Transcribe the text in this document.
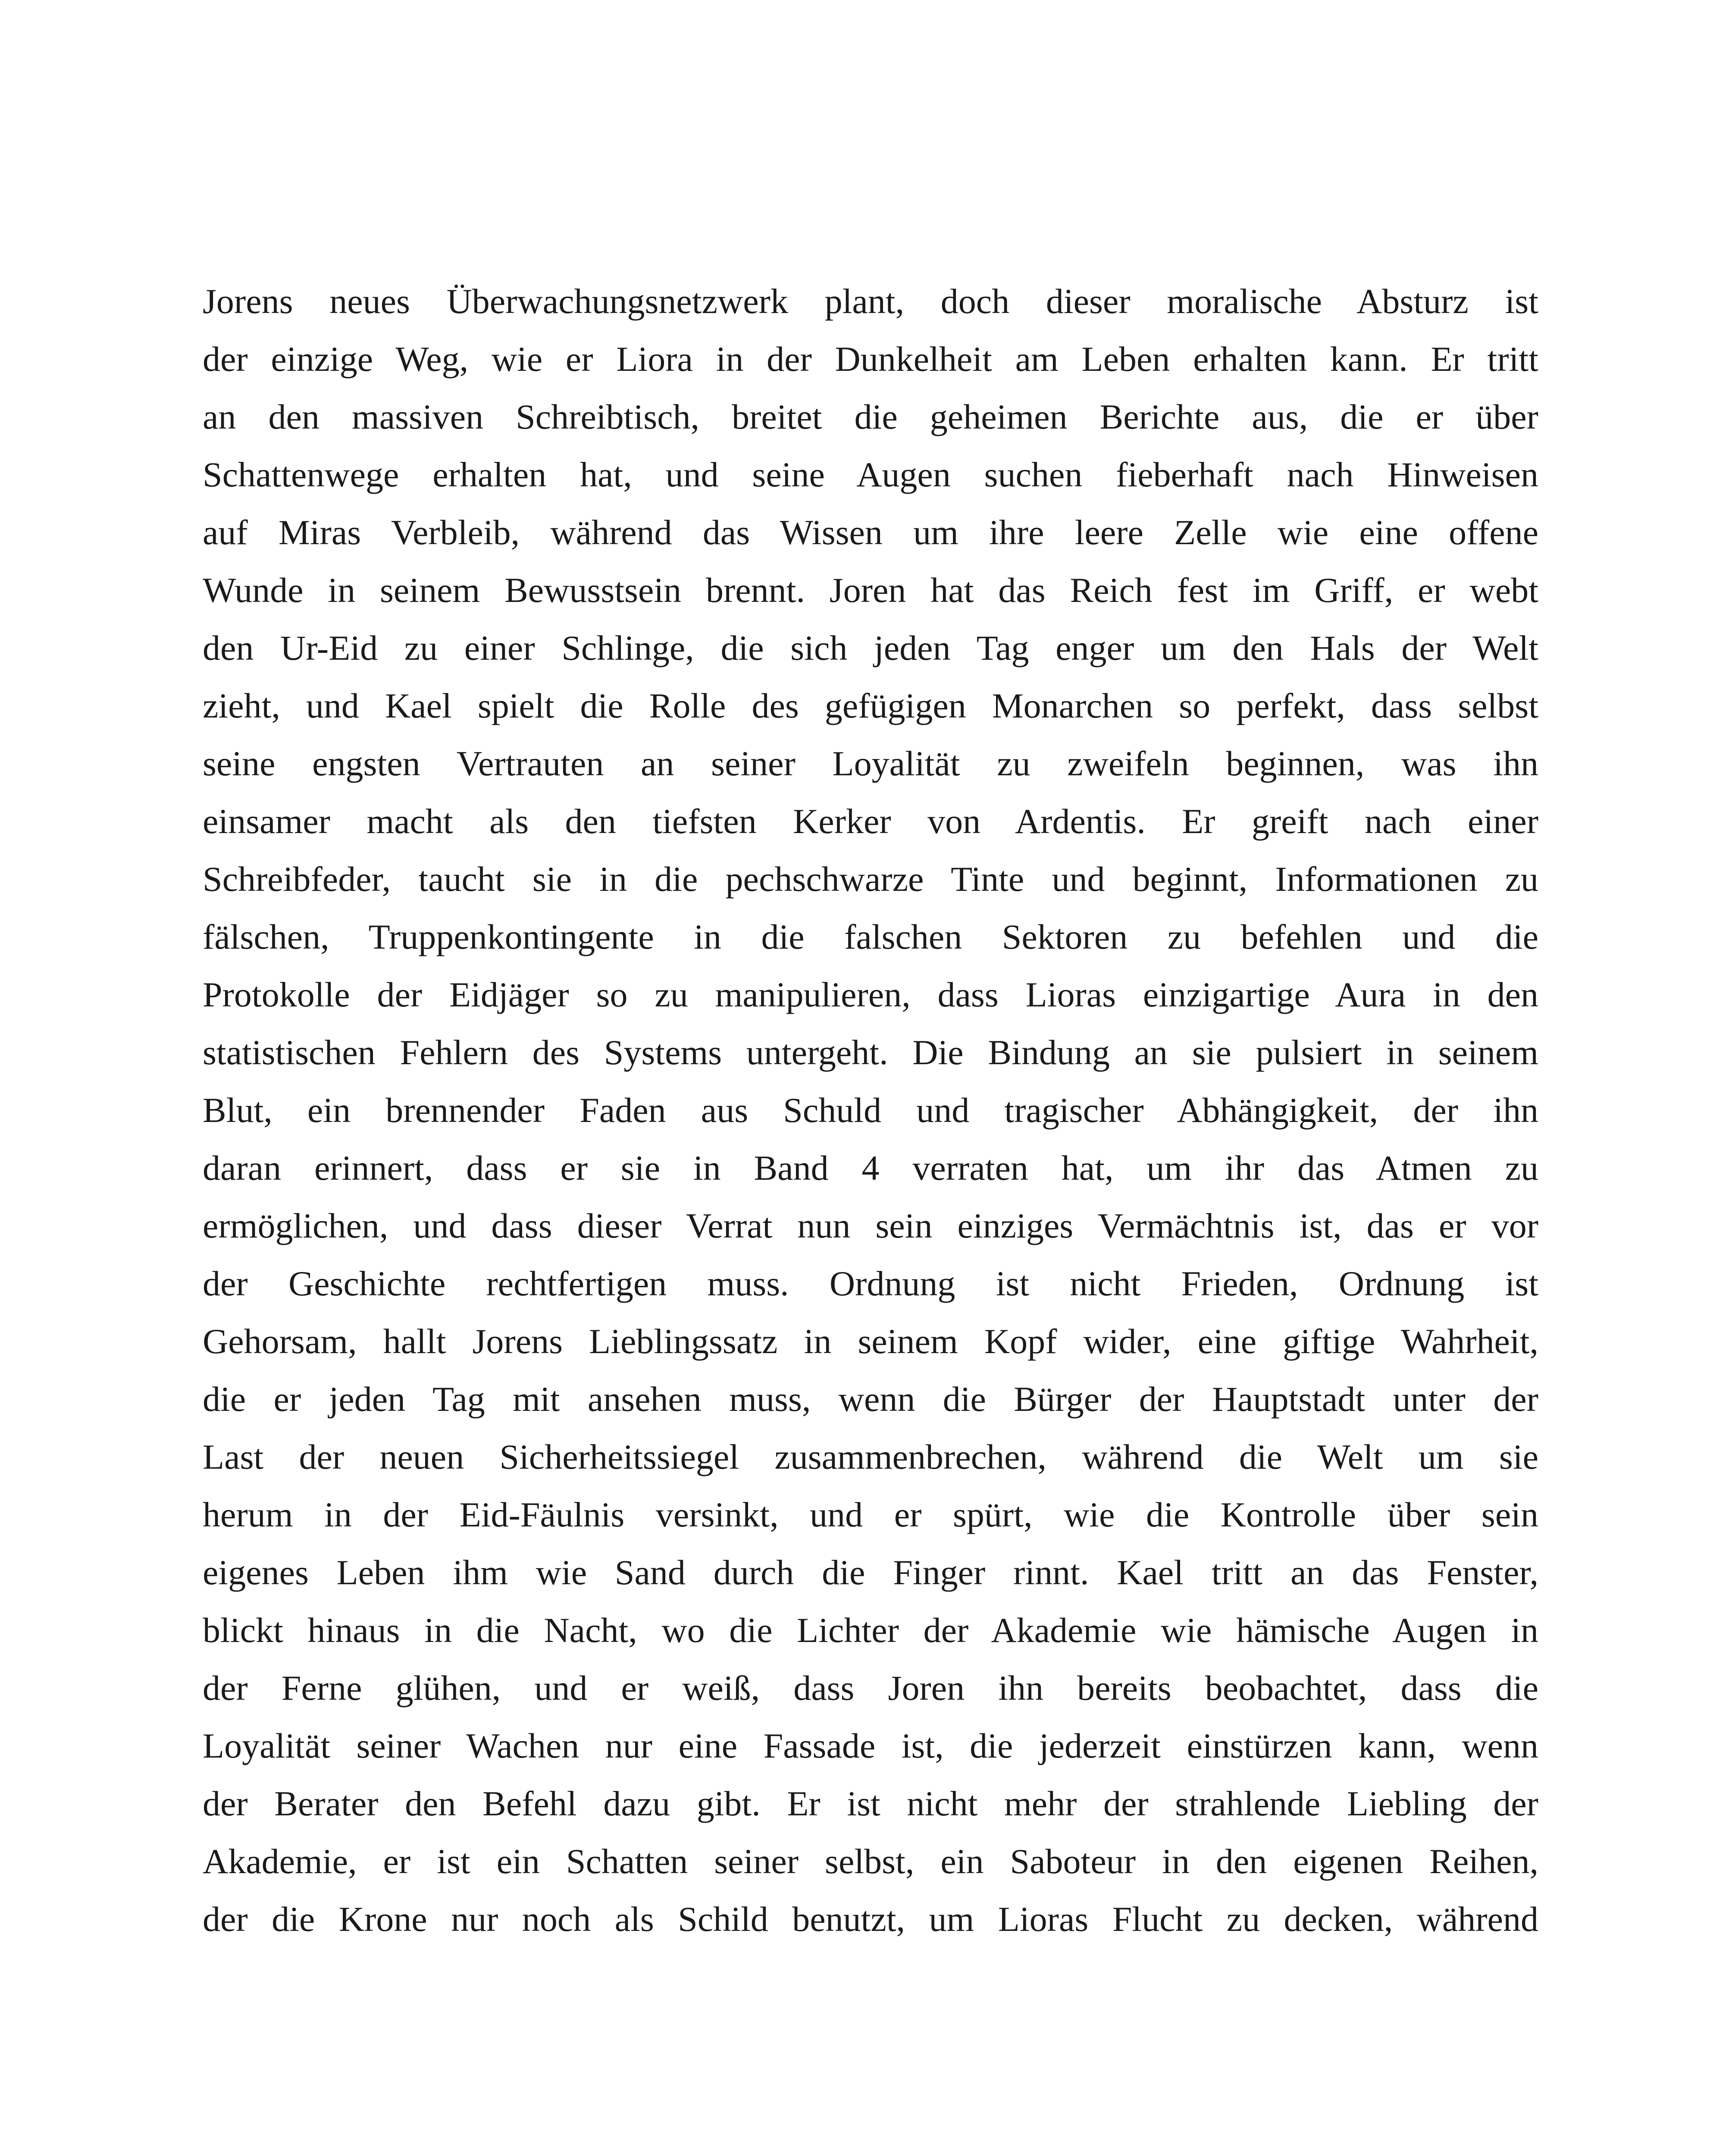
Jorens neues Überwachungsnetzwerk plant, doch dieser moralische Absturz ist
der einzige Weg, wie er Liora in der Dunkelheit am Leben erhalten kann. Er tritt
an den massiven Schreibtisch, breitet die geheimen Berichte aus, die er über
Schattenwege erhalten hat, und seine Augen suchen fieberhaft nach Hinweisen
auf Miras Verbleib, während das Wissen um ihre leere Zelle wie eine offene
Wunde in seinem Bewusstsein brennt. Joren hat das Reich fest im Griff, er webt
den Ur-Eid zu einer Schlinge, die sich jeden Tag enger um den Hals der Welt
zieht, und Kael spielt die Rolle des gefügigen Monarchen so perfekt, dass selbst
seine engsten Vertrauten an seiner Loyalität zu zweifeln beginnen, was ihn
einsamer macht als den tiefsten Kerker von Ardentis. Er greift nach einer
Schreibfeder, taucht sie in die pechschwarze Tinte und beginnt, Informationen zu
fälschen, Truppenkontingente in die falschen Sektoren zu befehlen und die
Protokolle der Eidjäger so zu manipulieren, dass Lioras einzigartige Aura in den
statistischen Fehlern des Systems untergeht. Die Bindung an sie pulsiert in seinem
Blut, ein brennender Faden aus Schuld und tragischer Abhängigkeit, der ihn
daran erinnert, dass er sie in Band 4 verraten hat, um ihr das Atmen zu
ermöglichen, und dass dieser Verrat nun sein einziges Vermächtnis ist, das er vor
der Geschichte rechtfertigen muss. Ordnung ist nicht Frieden, Ordnung ist
Gehorsam, hallt Jorens Lieblingssatz in seinem Kopf wider, eine giftige Wahrheit,
die er jeden Tag mit ansehen muss, wenn die Bürger der Hauptstadt unter der
Last der neuen Sicherheitssiegel zusammenbrechen, während die Welt um sie
herum in der Eid-Fäulnis versinkt, und er spürt, wie die Kontrolle über sein
eigenes Leben ihm wie Sand durch die Finger rinnt. Kael tritt an das Fenster,
blickt hinaus in die Nacht, wo die Lichter der Akademie wie hämische Augen in
der Ferne glühen, und er weiß, dass Joren ihn bereits beobachtet, dass die
Loyalität seiner Wachen nur eine Fassade ist, die jederzeit einstürzen kann, wenn
der Berater den Befehl dazu gibt. Er ist nicht mehr der strahlende Liebling der
Akademie, er ist ein Schatten seiner selbst, ein Saboteur in den eigenen Reihen,
der die Krone nur noch als Schild benutzt, um Lioras Flucht zu decken, während
